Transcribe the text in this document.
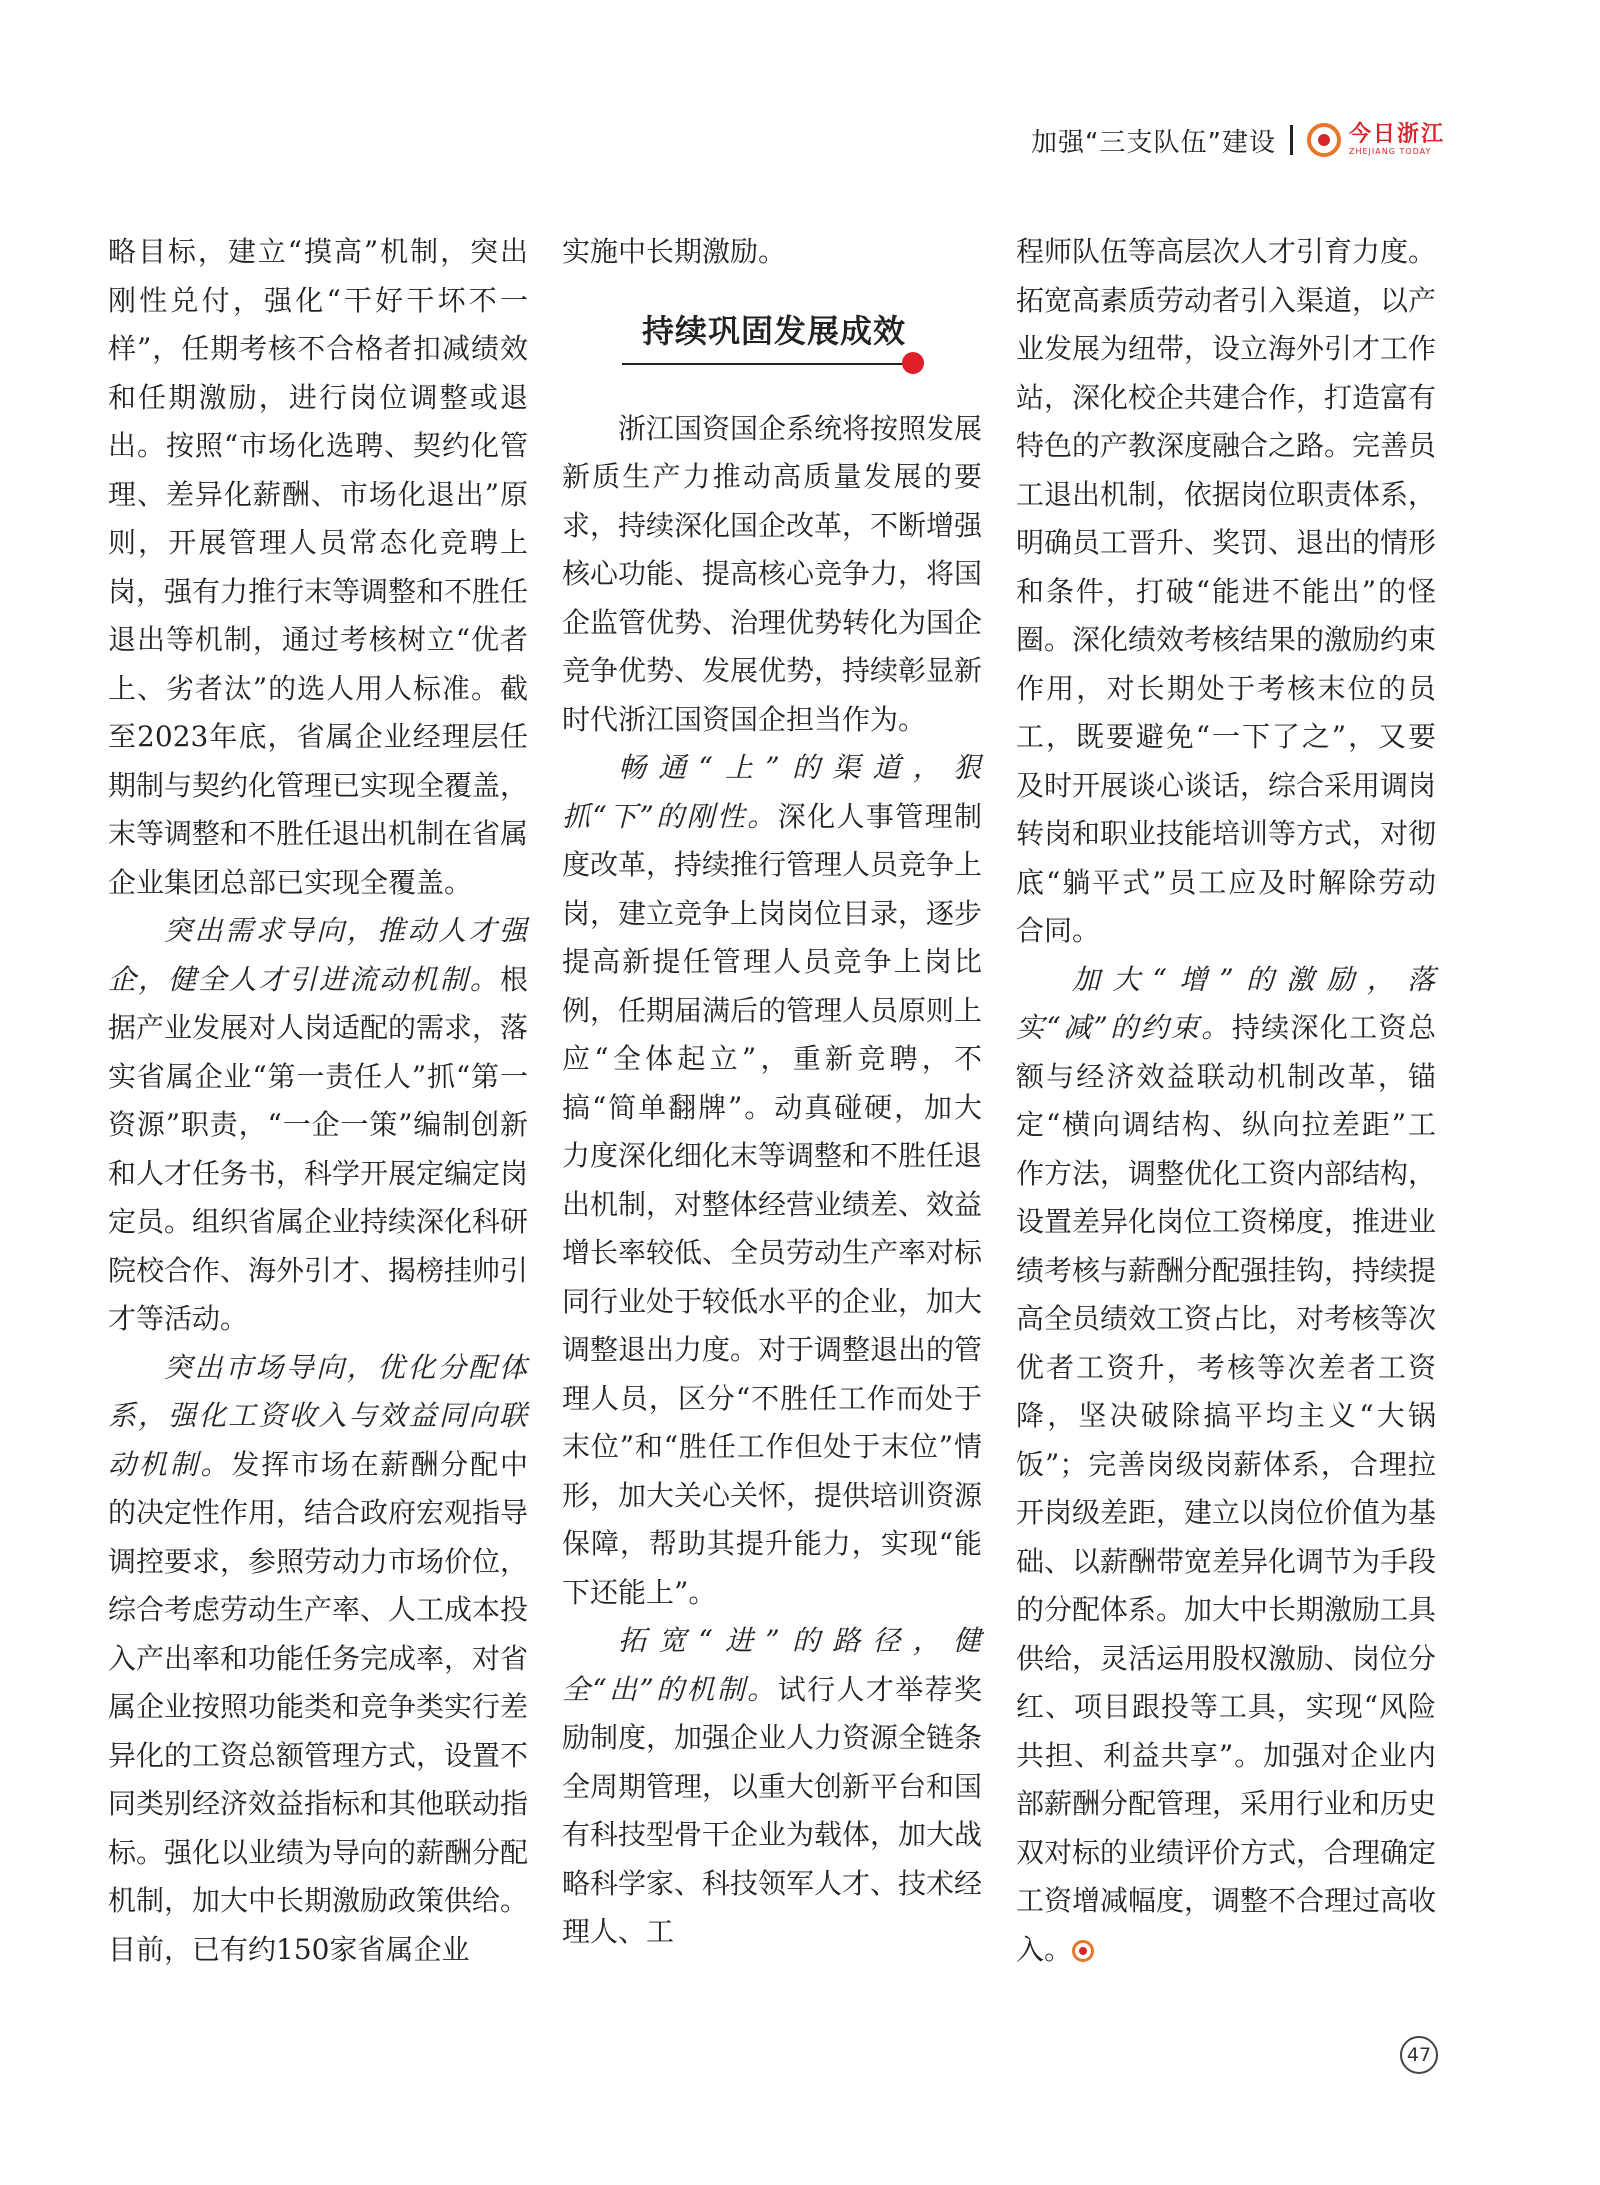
加强“三支队伍”建设	今日浙江
ZHEJIANG TODAY

略目标，建立“摸高”机制，突出刚性兑付，强化“干好干坏不一样”，任期考核不合格者扣减绩效和任期激励，进行岗位调整或退出。按照“市场化选聘、契约化管理、差异化薪酬、市场化退出”原则，开展管理人员常态化竞聘上岗，强有力推行末等调整和不胜任退出等机制，通过考核树立“优者上、劣者汰”的选人用人标准。截至2023年底，省属企业经理层任期制与契约化管理已实现全覆盖，末等调整和不胜任退出机制在省属企业集团总部已实现全覆盖。

突出需求导向，推动人才强企，健全人才引进流动机制。根据产业发展对人岗适配的需求，落实省属企业“第一责任人”抓“第一资源”职责，“一企一策”编制创新和人才任务书，科学开展定编定岗定员。组织省属企业持续深化科研院校合作、海外引才、揭榜挂帅引才等活动。

突出市场导向，优化分配体系，强化工资收入与效益同向联动机制。发挥市场在薪酬分配中的决定性作用，结合政府宏观指导调控要求，参照劳动力市场价位，综合考虑劳动生产率、人工成本投入产出率和功能任务完成率，对省属企业按照功能类和竞争类实行差异化的工资总额管理方式，设置不同类别经济效益指标和其他联动指标。强化以业绩为导向的薪酬分配机制，加大中长期激励政策供给。目前，已有约150家省属企业

实施中长期激励。

持续巩固发展成效

浙江国资国企系统将按照发展新质生产力推动高质量发展的要求，持续深化国企改革，不断增强核心功能、提高核心竞争力，将国企监管优势、治理优势转化为国企竞争优势、发展优势，持续彰显新时代浙江国资国企担当作为。

畅通“上”的渠道，狠抓“下”的刚性。深化人事管理制度改革，持续推行管理人员竞争上岗，建立竞争上岗岗位目录，逐步提高新提任管理人员竞争上岗比例，任期届满后的管理人员原则上应“全体起立”，重新竞聘，不搞“简单翻牌”。动真碰硬，加大力度深化细化末等调整和不胜任退出机制，对整体经营业绩差、效益增长率较低、全员劳动生产率对标同行业处于较低水平的企业，加大调整退出力度。对于调整退出的管理人员，区分“不胜任工作而处于末位”和“胜任工作但处于末位”情形，加大关心关怀，提供培训资源保障，帮助其提升能力，实现“能下还能上”。

拓宽“进”的路径，健全“出”的机制。试行人才举荐奖励制度，加强企业人力资源全链条全周期管理，以重大创新平台和国有科技型骨干企业为载体，加大战略科学家、科技领军人才、技术经理人、工

程师队伍等高层次人才引育力度。拓宽高素质劳动者引入渠道，以产业发展为纽带，设立海外引才工作站，深化校企共建合作，打造富有特色的产教深度融合之路。完善员工退出机制，依据岗位职责体系，明确员工晋升、奖罚、退出的情形和条件，打破“能进不能出”的怪圈。深化绩效考核结果的激励约束作用，对长期处于考核末位的员工，既要避免“一下了之”，又要及时开展谈心谈话，综合采用调岗转岗和职业技能培训等方式，对彻底“躺平式”员工应及时解除劳动合同。

加大“增”的激励，落实“减”的约束。持续深化工资总额与经济效益联动机制改革，锚定“横向调结构、纵向拉差距”工作方法，调整优化工资内部结构，设置差异化岗位工资梯度，推进业绩考核与薪酬分配强挂钩，持续提高全员绩效工资占比，对考核等次优者工资升，考核等次差者工资降，坚决破除搞平均主义“大锅饭”；完善岗级岗薪体系，合理拉开岗级差距，建立以岗位价值为基础、以薪酬带宽差异化调节为手段的分配体系。加大中长期激励工具供给，灵活运用股权激励、岗位分红、项目跟投等工具，实现“风险共担、利益共享”。加强对企业内部薪酬分配管理，采用行业和历史双对标的业绩评价方式，合理确定工资增减幅度，调整不合理过高收入。

47
